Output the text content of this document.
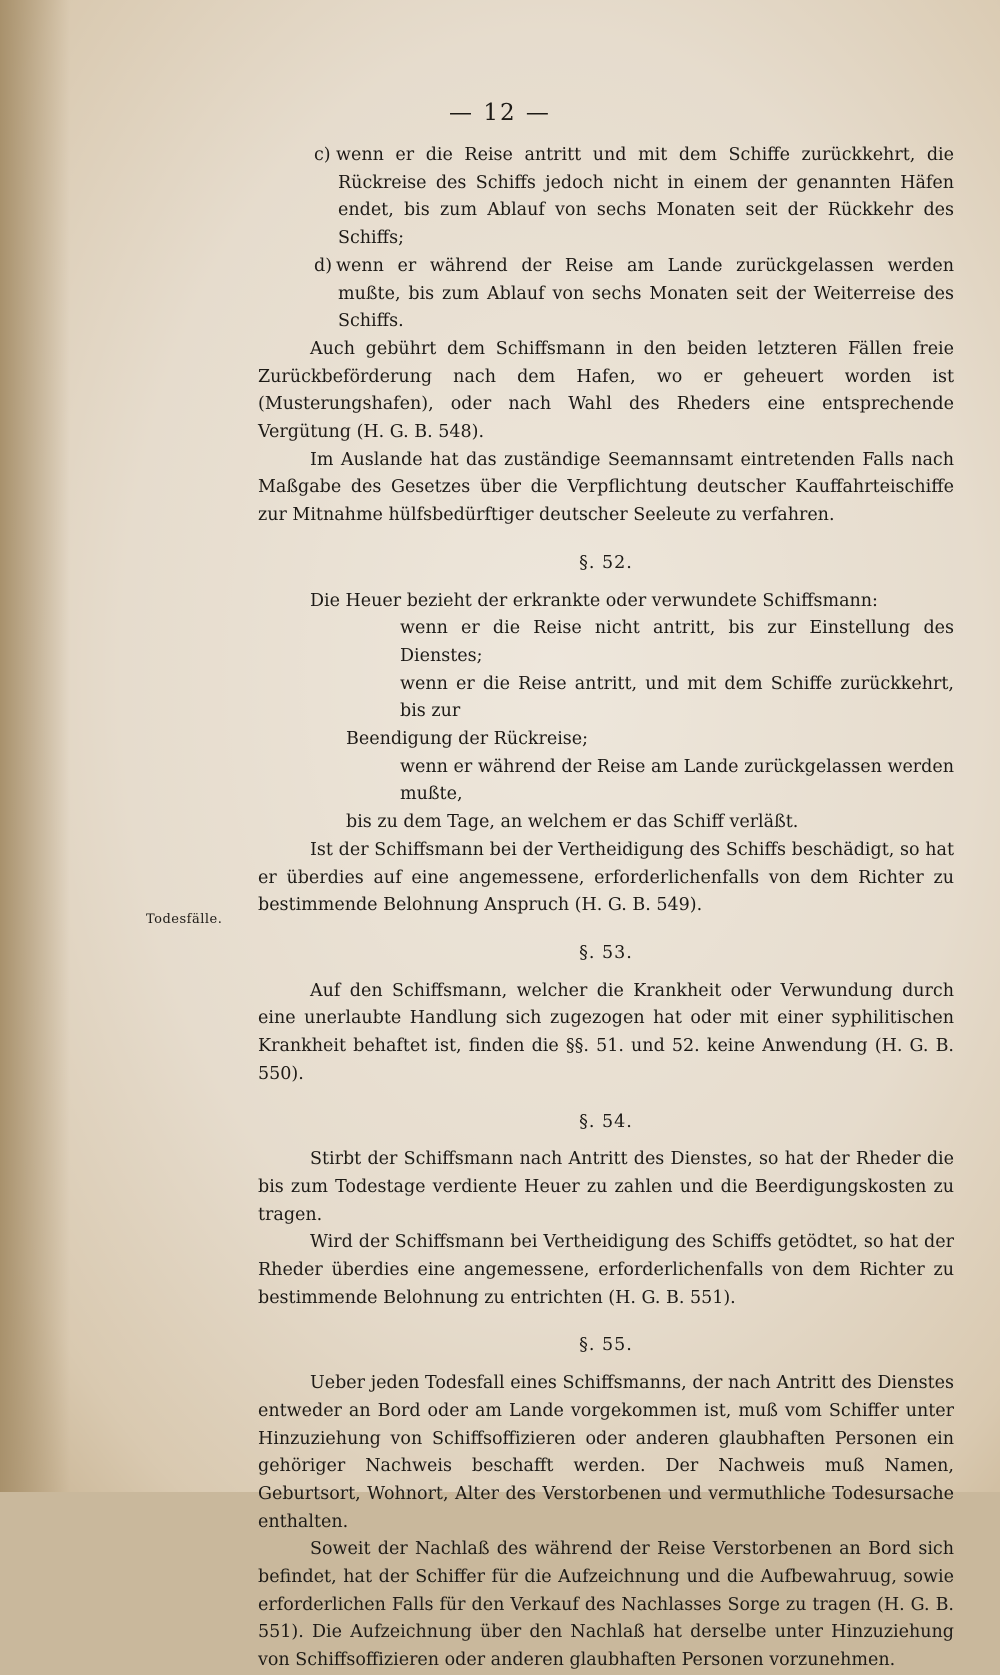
— 12 —
Todesfälle.

c) wenn er die Reise antritt und mit dem Schiffe zurückkehrt, die Rückreise des Schiffs jedoch nicht in einem der genannten Häfen endet, bis zum Ablauf von sechs Monaten seit der Rückkehr des Schiffs;

d) wenn er während der Reise am Lande zurückgelassen werden mußte, bis zum Ablauf von sechs Monaten seit der Weiterreise des Schiffs.

Auch gebührt dem Schiffsmann in den beiden letzteren Fällen freie Zurückbeförderung nach dem Hafen, wo er geheuert worden ist (Musterungshafen), oder nach Wahl des Rheders eine entsprechende Vergütung (H. G. B. 548).

Im Auslande hat das zuständige Seemannsamt eintretenden Falls nach Maßgabe des Gesetzes über die Verpflichtung deutscher Kauffahrteischiffe zur Mitnahme hülfsbedürftiger deutscher Seeleute zu verfahren.

§. 52.

Die Heuer bezieht der erkrankte oder verwundete Schiffsmann:

wenn er die Reise nicht antritt, bis zur Einstellung des Dienstes;

wenn er die Reise antritt, und mit dem Schiffe zurückkehrt, bis zur

Beendigung der Rückreise;

wenn er während der Reise am Lande zurückgelassen werden mußte,

bis zu dem Tage, an welchem er das Schiff verläßt.

Ist der Schiffsmann bei der Vertheidigung des Schiffs beschädigt, so hat er überdies auf eine angemessene, erforderlichenfalls von dem Richter zu bestimmende Belohnung Anspruch (H. G. B. 549).

§. 53.

Auf den Schiffsmann, welcher die Krankheit oder Verwundung durch eine unerlaubte Handlung sich zugezogen hat oder mit einer syphilitischen Krankheit behaftet ist, finden die §§. 51. und 52. keine Anwendung (H. G. B. 550).

§. 54.

Stirbt der Schiffsmann nach Antritt des Dienstes, so hat der Rheder die bis zum Todestage verdiente Heuer zu zahlen und die Beerdigungskosten zu tragen.

Wird der Schiffsmann bei Vertheidigung des Schiffs getödtet, so hat der Rheder überdies eine angemessene, erforderlichenfalls von dem Richter zu bestimmende Belohnung zu entrichten (H. G. B. 551).

§. 55.

Ueber jeden Todesfall eines Schiffsmanns, der nach Antritt des Dienstes entweder an Bord oder am Lande vorgekommen ist, muß vom Schiffer unter Hinzuziehung von Schiffsoffizieren oder anderen glaubhaften Personen ein gehöriger Nachweis beschafft werden. Der Nachweis muß Namen, Geburtsort, Wohnort, Alter des Verstorbenen und vermuthliche Todesursache enthalten.

Soweit der Nachlaß des während der Reise Verstorbenen an Bord sich befindet, hat der Schiffer für die Aufzeichnung und die Aufbewahruug, sowie erforderlichen Falls für den Verkauf des Nachlasses Sorge zu tragen (H. G. B. 551). Die Aufzeichnung über den Nachlaß hat derselbe unter Hinzuziehung von Schiffsoffizieren oder anderen glaubhaften Personen vorzunehmen.
